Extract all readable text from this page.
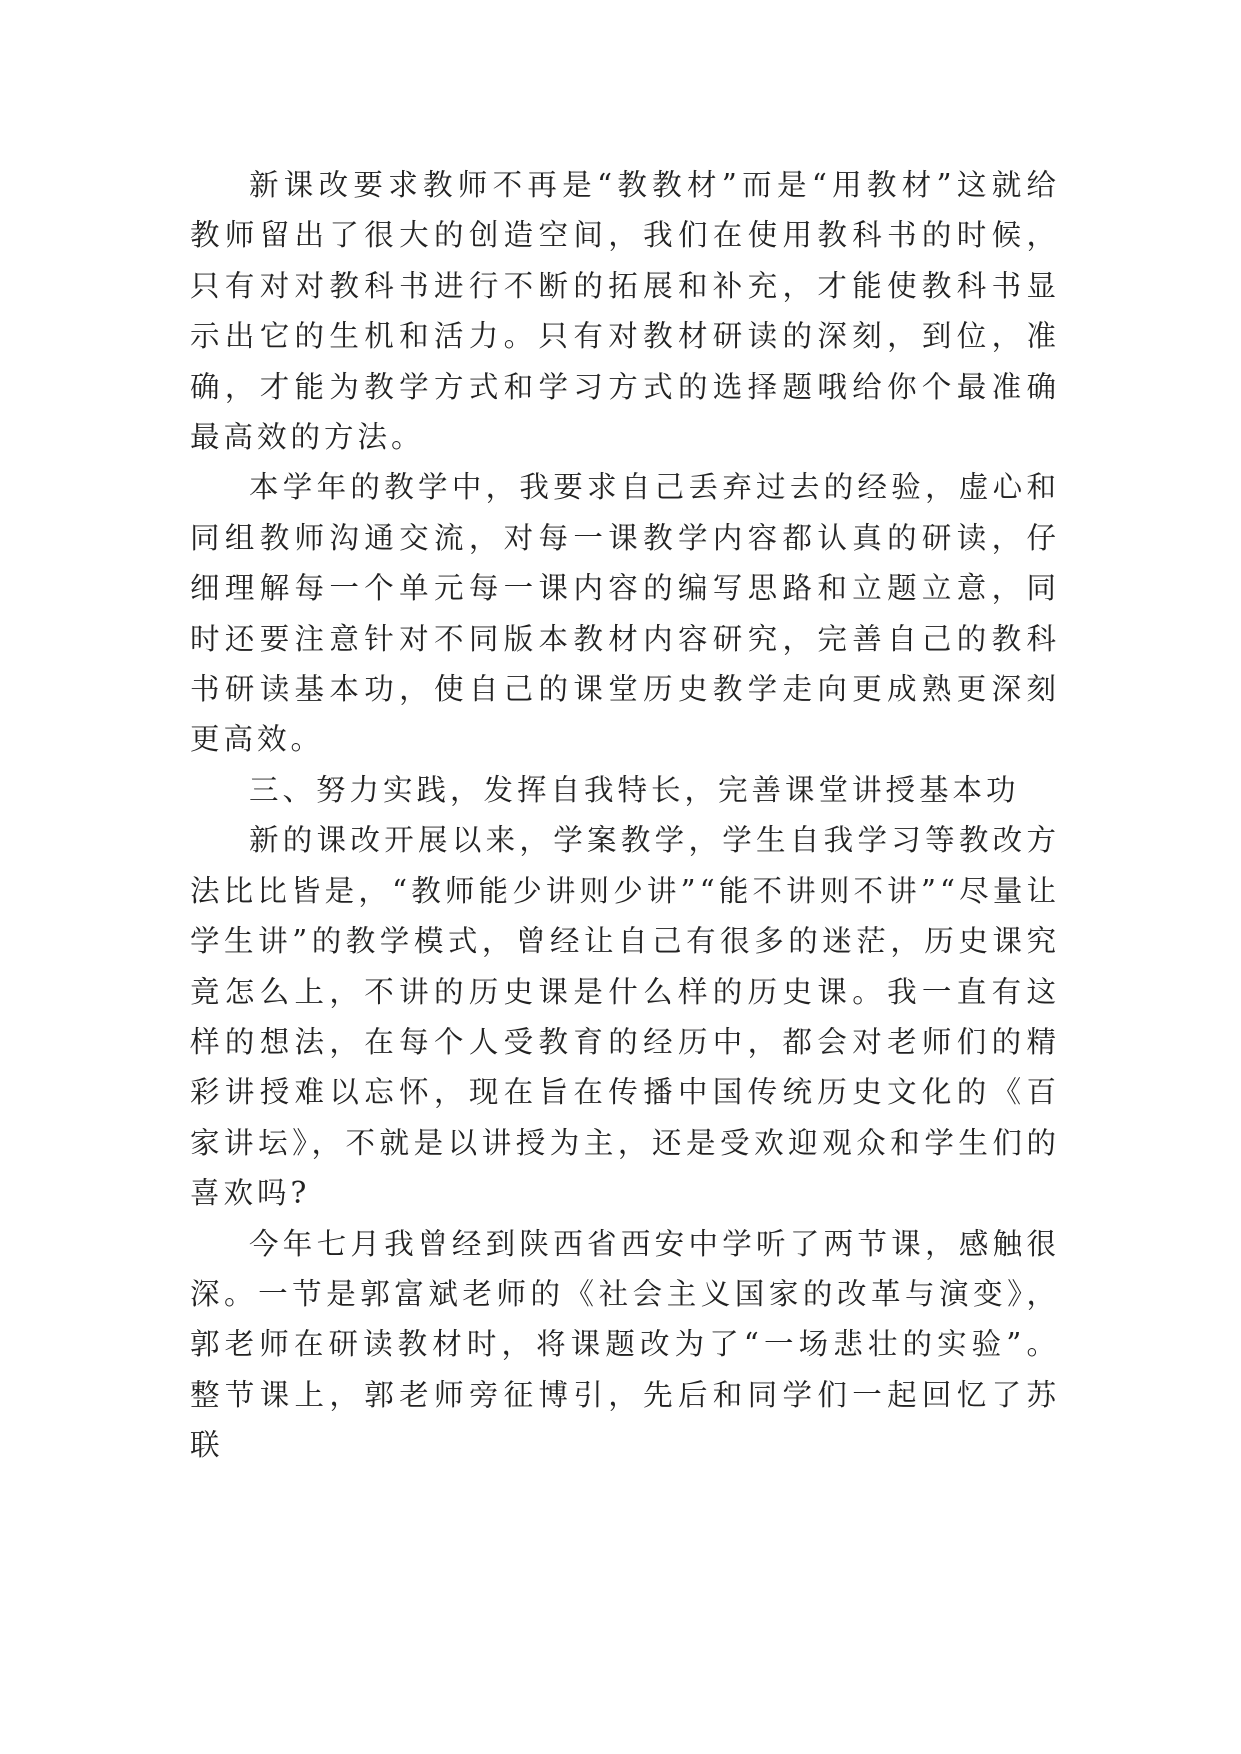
新课改要求教师不再是“教教材”而是“用教材”这就给教师留出了很大的创造空间，我们在使用教科书的时候，只有对对教科书进行不断的拓展和补充，才能使教科书显示出它的生机和活力。只有对教材研读的深刻，到位，准确，才能为教学方式和学习方式的选择题哦给你个最准确最高效的方法。

本学年的教学中，我要求自己丢弃过去的经验，虚心和同组教师沟通交流，对每一课教学内容都认真的研读，仔细理解每一个单元每一课内容的编写思路和立题立意，同时还要注意针对不同版本教材内容研究，完善自己的教科书研读基本功，使自己的课堂历史教学走向更成熟更深刻更高效。

三、努力实践，发挥自我特长，完善课堂讲授基本功

新的课改开展以来，学案教学，学生自我学习等教改方法比比皆是，“教师能少讲则少讲”“能不讲则不讲”“尽量让学生讲”的教学模式，曾经让自己有很多的迷茫，历史课究竟怎么上，不讲的历史课是什么样的历史课。我一直有这样的想法，在每个人受教育的经历中，都会对老师们的精彩讲授难以忘怀，现在旨在传播中国传统历史文化的《百家讲坛》，不就是以讲授为主，还是受欢迎观众和学生们的喜欢吗?

今年七月我曾经到陕西省西安中学听了两节课，感触很深。一节是郭富斌老师的《社会主义国家的改革与演变》，郭老师在研读教材时，将课题改为了“一场悲壮的实验”。整节课上，郭老师旁征博引，先后和同学们一起回忆了苏联
